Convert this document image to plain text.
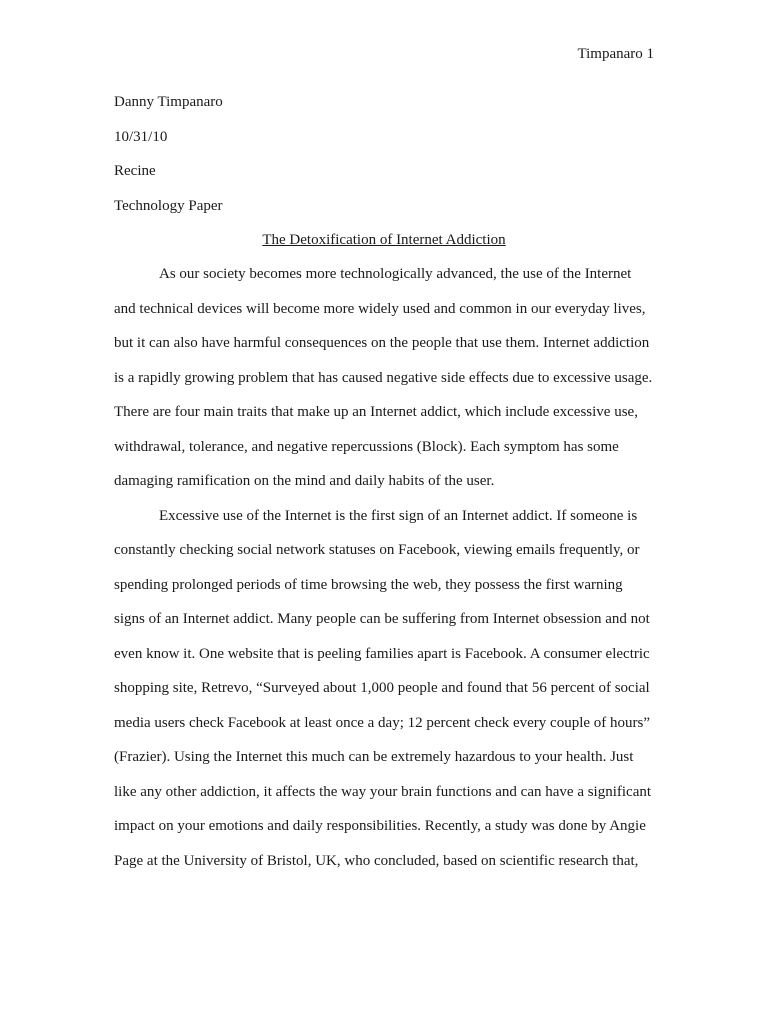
Timpanaro 1
Danny Timpanaro
10/31/10
Recine
Technology Paper
The Detoxification of Internet Addiction
As our society becomes more technologically advanced, the use of the Internet
and technical devices will become more widely used and common in our everyday lives,
but it can also have harmful consequences on the people that use them. Internet addiction
is a rapidly growing problem that has caused negative side effects due to excessive usage.
There are four main traits that make up an Internet addict, which include excessive use,
withdrawal, tolerance, and negative repercussions (Block). Each symptom has some
damaging ramification on the mind and daily habits of the user.
Excessive use of the Internet is the first sign of an Internet addict. If someone is
constantly checking social network statuses on Facebook, viewing emails frequently, or
spending prolonged periods of time browsing the web, they possess the first warning
signs of an Internet addict. Many people can be suffering from Internet obsession and not
even know it. One website that is peeling families apart is Facebook. A consumer electric
shopping site, Retrevo, “Surveyed about 1,000 people and found that 56 percent of social
media users check Facebook at least once a day; 12 percent check every couple of hours”
(Frazier). Using the Internet this much can be extremely hazardous to your health. Just
like any other addiction, it affects the way your brain functions and can have a significant
impact on your emotions and daily responsibilities. Recently, a study was done by Angie
Page at the University of Bristol, UK, who concluded, based on scientific research that,
